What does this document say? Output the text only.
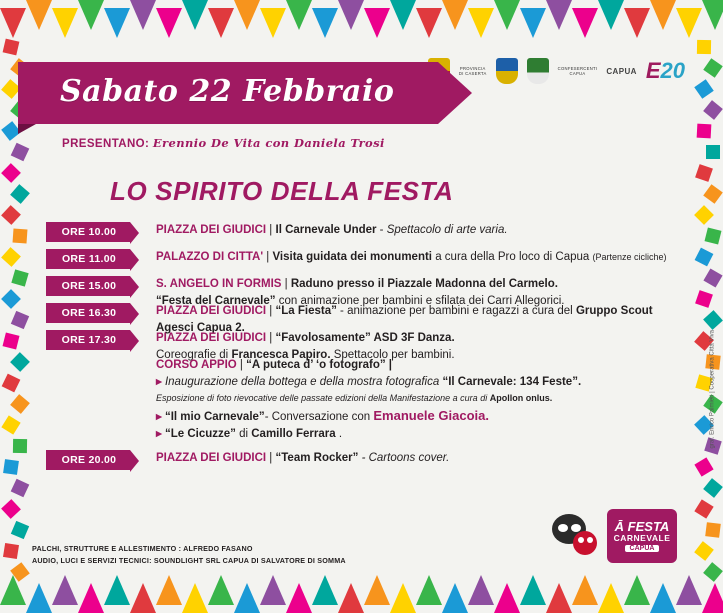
PROVINCIA
DI CASERTA
CONFESERCENTI
CAPUA	CAPUA E20
Sabato 22 Febbraio
PRESENTANO: Erennio De Vita con Daniela Trosi
LO SPIRITO DELLA FESTA
ORE 10.00	PIAZZA DEI GIUDICI | Il Carnevale Under - Spettacolo di arte varia.
ORE 11.00	PALAZZO DI CITTA' | Visita guidata dei monumenti a cura della Pro loco di Capua (Partenze cicliche)
ORE 15.00	S. ANGELO IN FORMIS | Raduno presso il Piazzale Madonna del Carmelo.
“Festa del Carnevale” con animazione per bambini e sfilata dei Carri Allegorici.
ORE 16.30	PIAZZA DEI GIUDICI | “La Fiesta” - animazione per bambini e ragazzi a cura del Gruppo Scout
Agesci Capua 2.
ORE 17.30	PIAZZA DEI GIUDICI | “Favolosamente” ASD 3F Danza.
Coreografie di Francesca Papiro. Spettacolo per bambini.
CORSO APPIO | “A puteca d’ ‘o fotografo” |
▸ Inaugurazione della bottega e della mostra fotografica “Il Carnevale: 134 Feste”.
Esposizione di foto rievocative delle passate edizioni della Manifestazione a cura di Apollon onlus.
▸ “Il mio Carnevale”- Conversazione con Emanuele Giacoia.
▸ “Le Cicuzze” di Camillo Ferrara .
ORE 20.00	PIAZZA DEI GIUDICI | “Team Rocker” - Cartoons cover.
PALCHI, STRUTTURE E ALLESTIMENTO : ALFREDO FASANO
AUDIO, LUCI E SERVIZI TECNICI: SOUNDLIGHT SRL CAPUA DI SALVATORE DI SOMMA
graf. Enrico Palmieri | Cooperativa Città Viva
Ā FESTA
CARNEVALE
CAPUA
